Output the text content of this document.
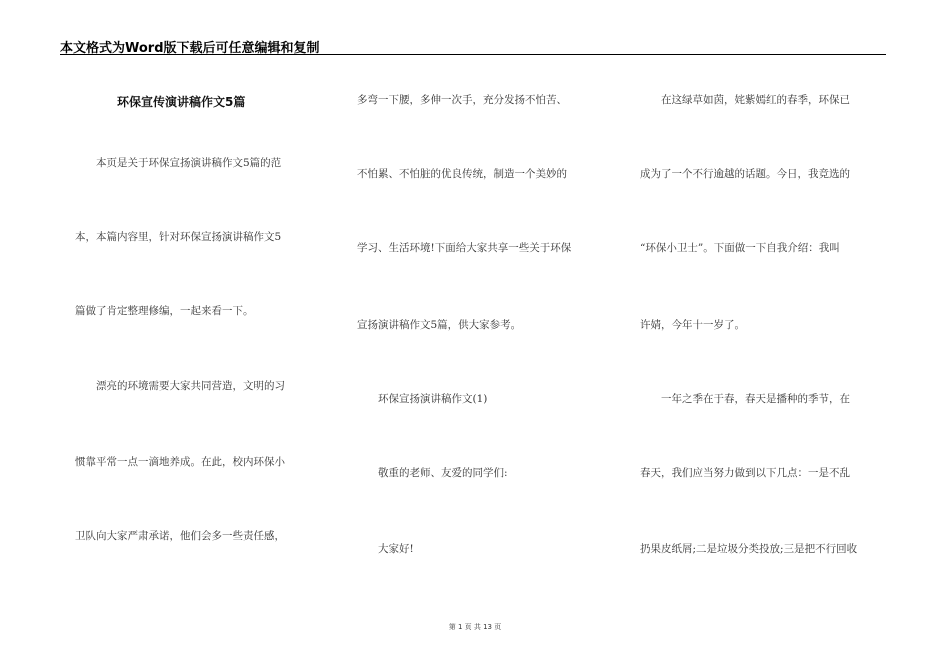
本文格式为Word版下载后可任意编辑和复制
环保宣传演讲稿作文5篇
　　本页是关于环保宣扬演讲稿作文5篇的范
本，本篇内容里，针对环保宣扬演讲稿作文5
篇做了肯定整理修编，一起来看一下。
　　漂亮的环境需要大家共同营造，文明的习
惯靠平常一点一滴地养成。在此，校内环保小
卫队向大家严肃承诺，他们会多一些责任感，
多弯一下腰，多伸一次手，充分发扬不怕苦、
不怕累、不怕脏的优良传统，制造一个美妙的
学习、生活环境!下面给大家共享一些关于环保
宣扬演讲稿作文5篇，供大家参考。
　　环保宣扬演讲稿作文(1)
　　敬重的老师、友爱的同学们:
　　大家好!
　　在这绿草如茵，姹紫嫣红的春季，环保已
成为了一个不行逾越的话题。今日，我竞选的
“环保小卫士”。下面做一下自我介绍：我叫
许婧，今年十一岁了。
　　一年之季在于春，春天是播种的季节，在
春天，我们应当努力做到以下几点：一是不乱
扔果皮纸屑;二是垃圾分类投放;三是把不行回收
第 1 页 共 13 页
